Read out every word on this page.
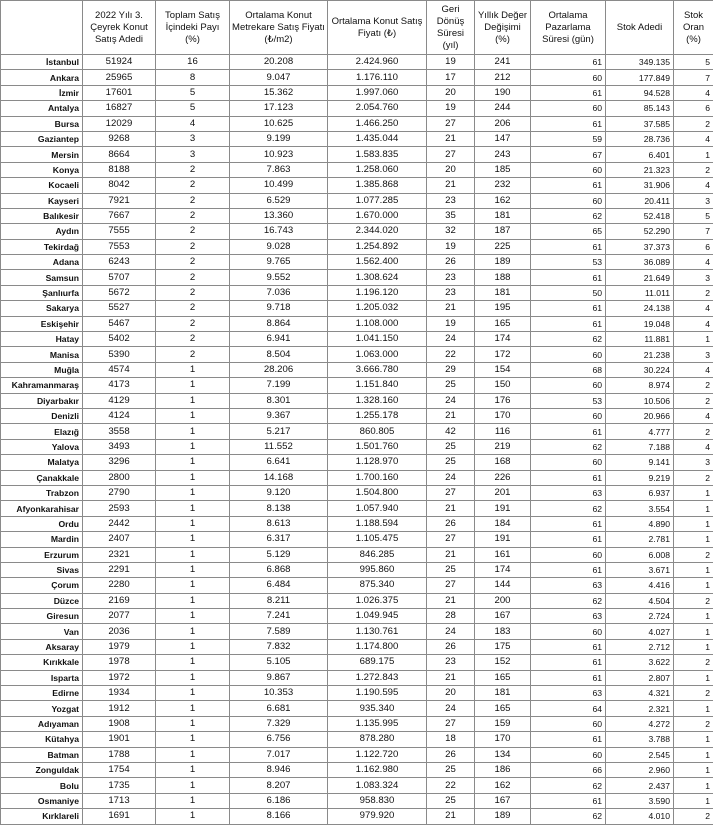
	2022 Yılı 3. Çeyrek Konut Satış Adedi	Toplam Satış İçindeki Payı (%)	Ortalama Konut Metrekare Satış Fiyatı (₺/m2)	Ortalama Konut Satış Fiyatı (₺)	Geri Dönüş Süresi (yıl)	Yıllık Değer Değişimi (%)	Ortalama Pazarlama Süresi (gün)	Stok Adedi	Stok Oran (%)
İstanbul	51924	16	20.208	2.424.960	19	241	61	349.135	5
Ankara	25965	8	9.047	1.176.110	17	212	60	177.849	7
İzmir	17601	5	15.362	1.997.060	20	190	61	94.528	4
Antalya	16827	5	17.123	2.054.760	19	244	60	85.143	6
Bursa	12029	4	10.625	1.466.250	27	206	61	37.585	2
Gaziantep	9268	3	9.199	1.435.044	21	147	59	28.736	4
Mersin	8664	3	10.923	1.583.835	27	243	67	6.401	1
Konya	8188	2	7.863	1.258.060	20	185	60	21.323	2
Kocaeli	8042	2	10.499	1.385.868	21	232	61	31.906	4
Kayseri	7921	2	6.529	1.077.285	23	162	60	20.411	3
Balıkesir	7667	2	13.360	1.670.000	35	181	62	52.418	5
Aydın	7555	2	16.743	2.344.020	32	187	65	52.290	7
Tekirdağ	7553	2	9.028	1.254.892	19	225	61	37.373	6
Adana	6243	2	9.765	1.562.400	26	189	53	36.089	4
Samsun	5707	2	9.552	1.308.624	23	188	61	21.649	3
Şanlıurfa	5672	2	7.036	1.196.120	23	181	50	11.011	2
Sakarya	5527	2	9.718	1.205.032	21	195	61	24.138	4
Eskişehir	5467	2	8.864	1.108.000	19	165	61	19.048	4
Hatay	5402	2	6.941	1.041.150	24	174	62	11.881	1
Manisa	5390	2	8.504	1.063.000	22	172	60	21.238	3
Muğla	4574	1	28.206	3.666.780	29	154	68	30.224	4
Kahramanmaraş	4173	1	7.199	1.151.840	25	150	60	8.974	2
Diyarbakır	4129	1	8.301	1.328.160	24	176	53	10.506	2
Denizli	4124	1	9.367	1.255.178	21	170	60	20.966	4
Elazığ	3558	1	5.217	860.805	42	116	61	4.777	2
Yalova	3493	1	11.552	1.501.760	25	219	62	7.188	4
Malatya	3296	1	6.641	1.128.970	25	168	60	9.141	3
Çanakkale	2800	1	14.168	1.700.160	24	226	61	9.219	2
Trabzon	2790	1	9.120	1.504.800	27	201	63	6.937	1
Afyonkarahisar	2593	1	8.138	1.057.940	21	191	62	3.554	1
Ordu	2442	1	8.613	1.188.594	26	184	61	4.890	1
Mardin	2407	1	6.317	1.105.475	27	191	61	2.781	1
Erzurum	2321	1	5.129	846.285	21	161	60	6.008	2
Sivas	2291	1	6.868	995.860	25	174	61	3.671	1
Çorum	2280	1	6.484	875.340	27	144	63	4.416	1
Düzce	2169	1	8.211	1.026.375	21	200	62	4.504	2
Giresun	2077	1	7.241	1.049.945	28	167	63	2.724	1
Van	2036	1	7.589	1.130.761	24	183	60	4.027	1
Aksaray	1979	1	7.832	1.174.800	26	175	61	2.712	1
Kırıkkale	1978	1	5.105	689.175	23	152	61	3.622	2
Isparta	1972	1	9.867	1.272.843	21	165	61	2.807	1
Edirne	1934	1	10.353	1.190.595	20	181	63	4.321	2
Yozgat	1912	1	6.681	935.340	24	165	64	2.321	1
Adıyaman	1908	1	7.329	1.135.995	27	159	60	4.272	2
Kütahya	1901	1	6.756	878.280	18	170	61	3.788	1
Batman	1788	1	7.017	1.122.720	26	134	60	2.545	1
Zonguldak	1754	1	8.946	1.162.980	25	186	66	2.960	1
Bolu	1735	1	8.207	1.083.324	22	162	62	2.437	1
Osmaniye	1713	1	6.186	958.830	25	167	61	3.590	1
Kırklareli	1691	1	8.166	979.920	21	189	62	4.010	2
